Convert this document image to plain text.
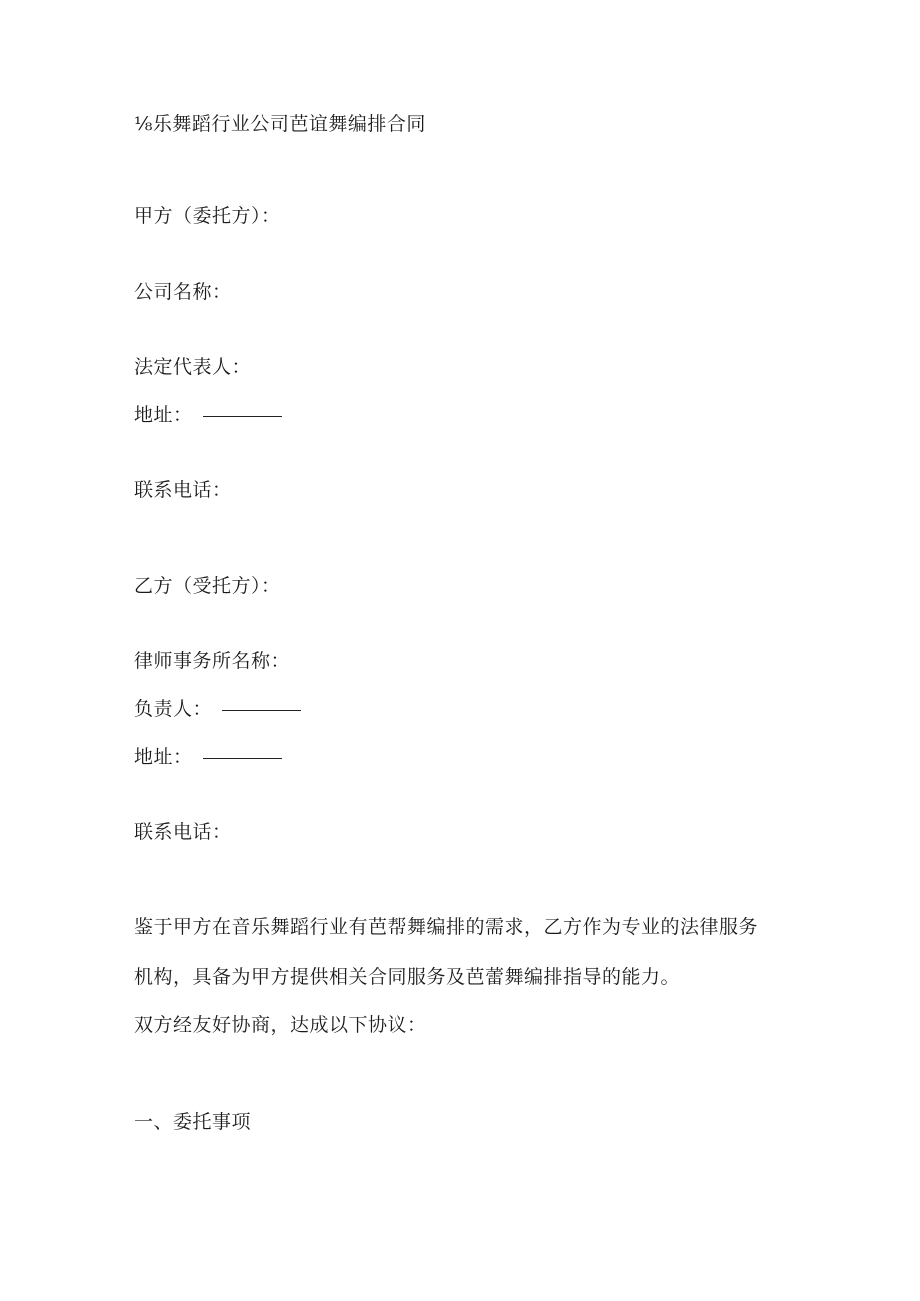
⅛乐舞蹈行业公司芭谊舞编排合同
甲方（委托方）：
公司名称：
法定代表人：
地址：
联系电话：
乙方（受托方）：
律师事务所名称：
负责人：
地址：
联系电话：
鉴于甲方在音乐舞蹈行业有芭帮舞编排的需求，乙方作为专业的法律服务
机构，具备为甲方提供相关合同服务及芭蕾舞编排指导的能力。
双方经友好协商，达成以下协议：
一、委托事项
